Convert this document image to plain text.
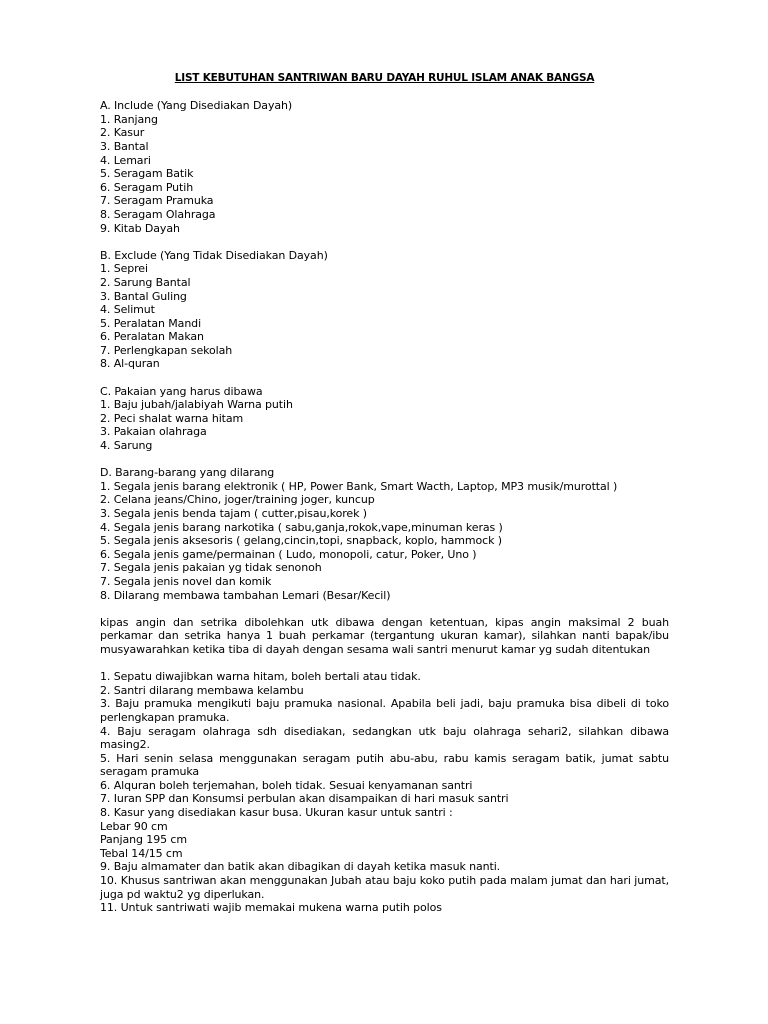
LIST KEBUTUHAN SANTRIWAN BARU DAYAH RUHUL ISLAM ANAK BANGSA
A. Include (Yang Disediakan Dayah)
1. Ranjang
2. Kasur
3. Bantal
4. Lemari
5. Seragam Batik
6. Seragam Putih
7. Seragam Pramuka
8. Seragam Olahraga
9. Kitab Dayah
B. Exclude (Yang Tidak Disediakan Dayah)
1. Seprei
2. Sarung Bantal
3. Bantal Guling
4. Selimut
5. Peralatan Mandi
6. Peralatan Makan
7. Perlengkapan sekolah
8. Al-quran
C. Pakaian yang harus dibawa
1. Baju jubah/jalabiyah Warna putih
2. Peci shalat warna hitam
3. Pakaian olahraga
4. Sarung
D. Barang-barang yang dilarang
1. Segala jenis barang elektronik ( HP, Power Bank, Smart Wacth, Laptop, MP3 musik/murottal )
2. Celana jeans/Chino, joger/training joger, kuncup
3. Segala jenis benda tajam ( cutter,pisau,korek )
4. Segala jenis barang narkotika ( sabu,ganja,rokok,vape,minuman keras )
5. Segala jenis aksesoris ( gelang,cincin,topi, snapback, koplo, hammock )
6. Segala jenis game/permainan ( Ludo, monopoli, catur, Poker, Uno )
7. Segala jenis pakaian yg tidak senonoh
7. Segala jenis novel dan komik
8. Dilarang membawa tambahan Lemari (Besar/Kecil)
kipas angin dan setrika dibolehkan utk dibawa dengan ketentuan, kipas angin maksimal 2 buah perkamar dan setrika hanya 1 buah perkamar (tergantung ukuran kamar), silahkan nanti bapak/ibu musyawarahkan ketika tiba di dayah dengan sesama wali santri menurut kamar yg sudah ditentukan
1. Sepatu diwajibkan warna hitam, boleh bertali atau tidak.
2. Santri dilarang membawa kelambu
3. Baju pramuka mengikuti baju pramuka nasional. Apabila beli jadi, baju pramuka bisa dibeli di toko perlengkapan pramuka.
4. Baju seragam olahraga sdh disediakan, sedangkan utk baju olahraga sehari2, silahkan dibawa masing2.
5. Hari senin selasa menggunakan seragam putih abu-abu, rabu kamis seragam batik, jumat sabtu seragam pramuka
6. Alquran boleh terjemahan, boleh tidak. Sesuai kenyamanan santri
7. Iuran SPP dan Konsumsi perbulan akan disampaikan di hari masuk santri
8. Kasur yang disediakan kasur busa. Ukuran kasur untuk santri :
Lebar 90 cm
Panjang 195 cm
Tebal 14/15 cm
9. Baju almamater dan batik akan dibagikan di dayah ketika masuk nanti.
10. Khusus santriwan akan menggunakan Jubah atau baju koko putih pada malam jumat dan hari jumat, juga pd waktu2 yg diperlukan.
11. Untuk santriwati wajib memakai mukena warna putih polos
